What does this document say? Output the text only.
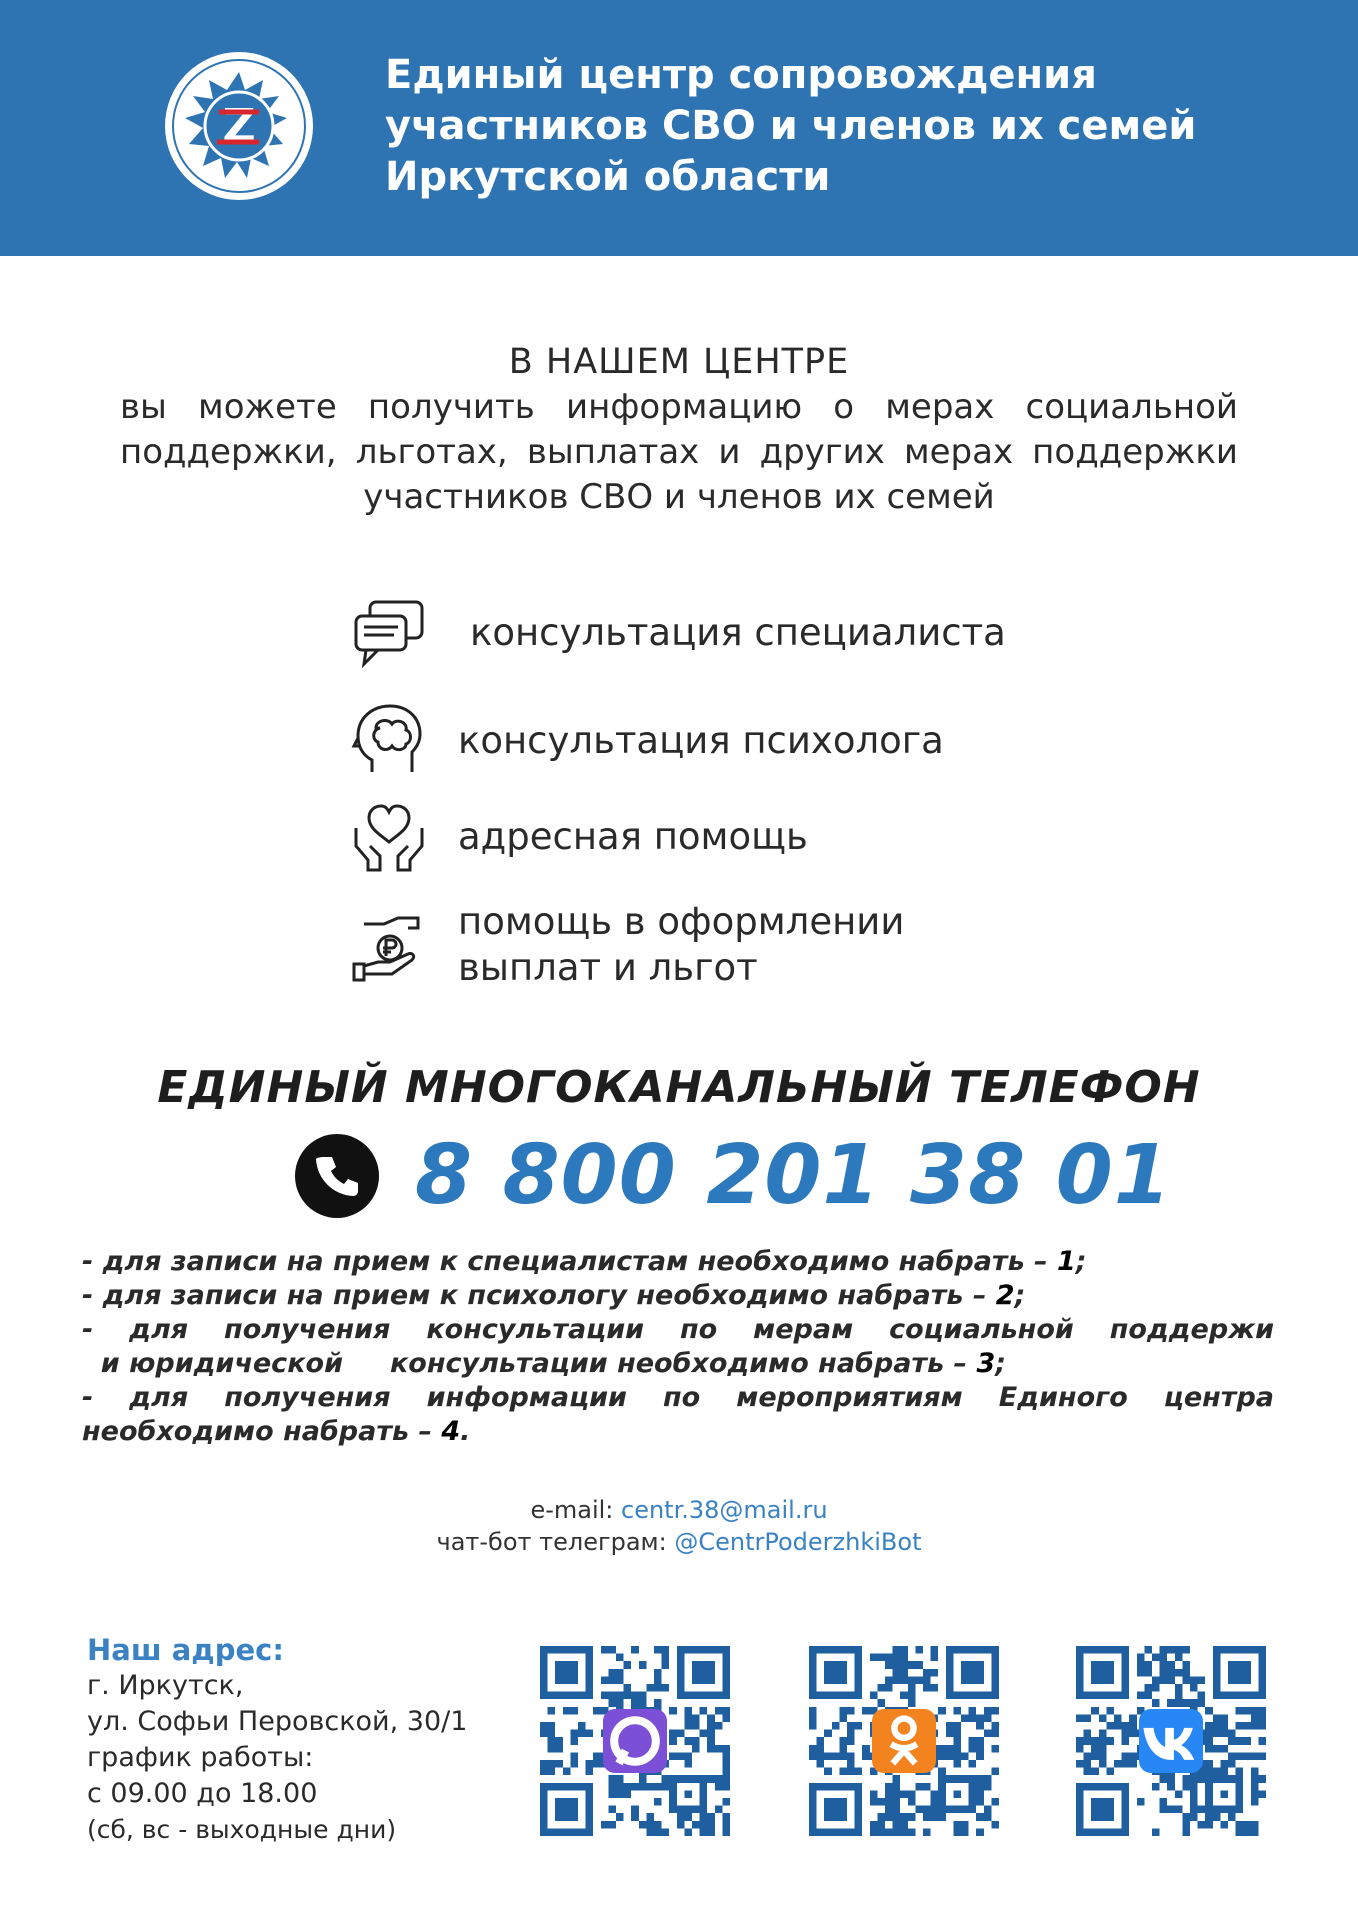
Z
Единый центр сопровождения
участников СВО и членов их семей
Иркутской области
В НАШЕМ ЦЕНТРЕ
вы можете получить информацию о мерах социальной
поддержки, льготах, выплатах и других мерах поддержки
участников СВО и членов их семей
консультация специалиста
консультация психолога
адресная помощь
помощь в оформлении
выплат и льгот
ЕДИНЫЙ МНОГОКАНАЛЬНЫЙ ТЕЛЕФОН
8 800 201 38 01
- для записи на прием к специалистам необходимо набрать – 1;
- для записи на прием к психологу необходимо набрать – 2;
- для получения консультации по мерам социальной поддержи
и юридической     консультации необходимо набрать – 3;
- для получения информации по мероприятиям Единого центра
необходимо набрать – 4.
e-mail: centr.38@mail.ru
чат-бот телеграм: @CentrPoderzhkiBot
Наш адрес:
г. Иркутск,
ул. Софьи Перовской, 30/1
график работы:
с 09.00 до 18.00
(сб, вс - выходные дни)
